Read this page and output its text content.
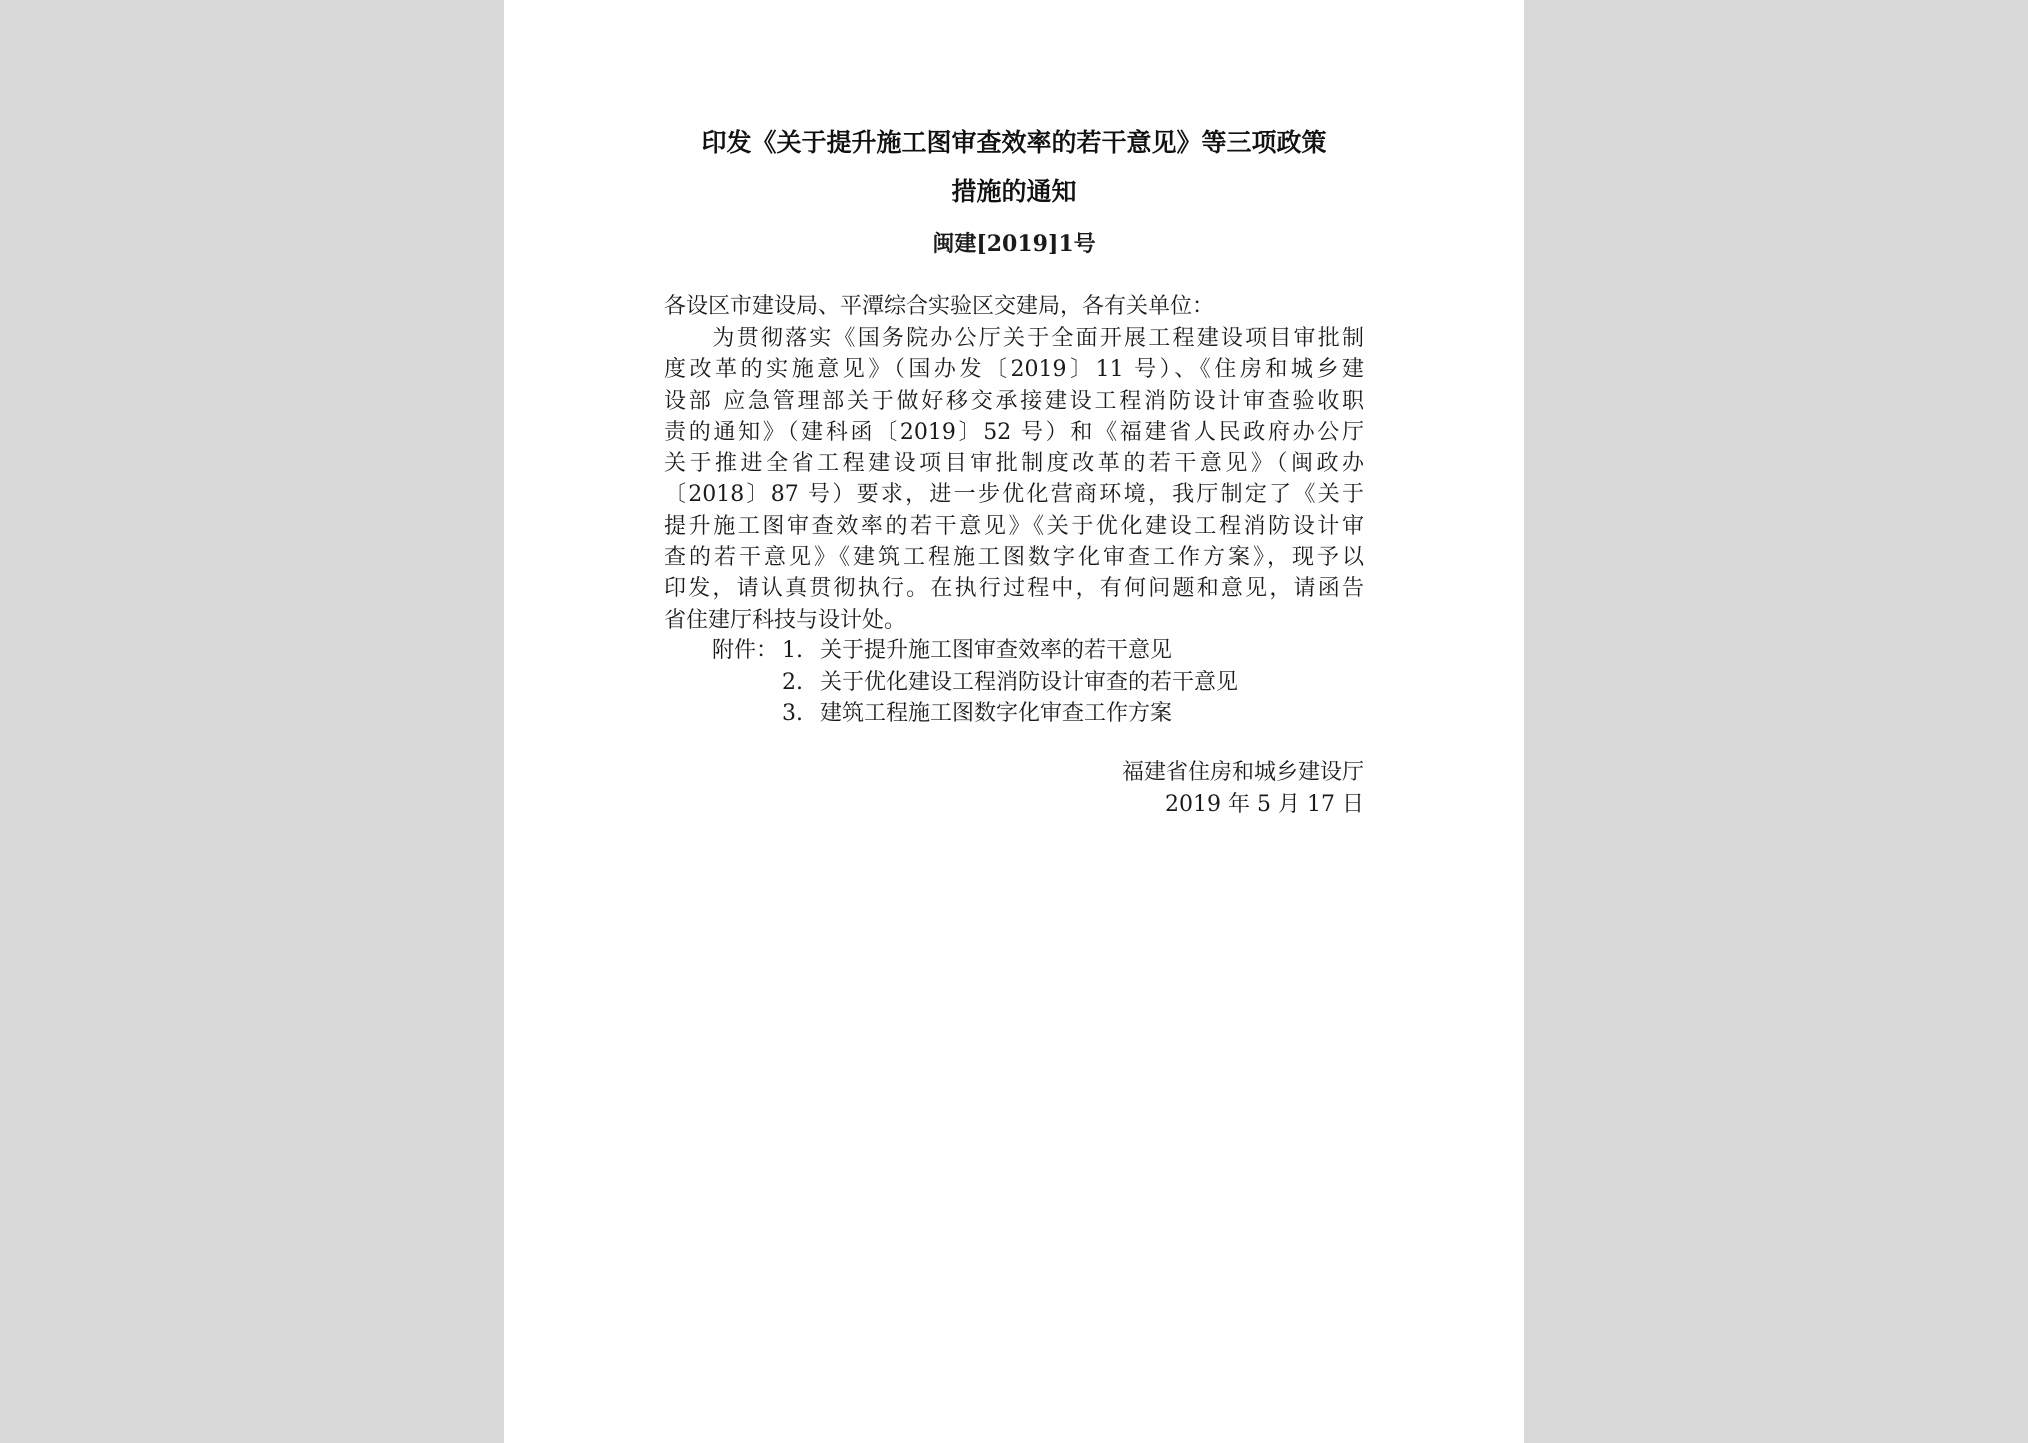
印发《关于提升施工图审查效率的若干意见》等三项政策
措施的通知
闽建[2019]1号
各设区市建设局、平潭综合实验区交建局，各有关单位：
　　为贯彻落实《国务院办公厅关于全面开展工程建设项目审批制
度改革的实施意见》（国办发〔2019〕11 号）、《住房和城乡建
设部 应急管理部关于做好移交承接建设工程消防设计审查验收职
责的通知》（建科函〔2019〕52 号）和《福建省人民政府办公厅
关于推进全省工程建设项目审批制度改革的若干意见》（闽政办
〔2018〕87 号）要求，进一步优化营商环境，我厅制定了《关于
提升施工图审查效率的若干意见》《关于优化建设工程消防设计审
查的若干意见》《建筑工程施工图数字化审查工作方案》，现予以
印发，请认真贯彻执行。在执行过程中，有何问题和意见，请函告
省住建厅科技与设计处。
附件： 1. 关于提升施工图审查效率的若干意见
2. 关于优化建设工程消防设计审查的若干意见
3. 建筑工程施工图数字化审查工作方案
福建省住房和城乡建设厅
2019 年 5 月 17 日
